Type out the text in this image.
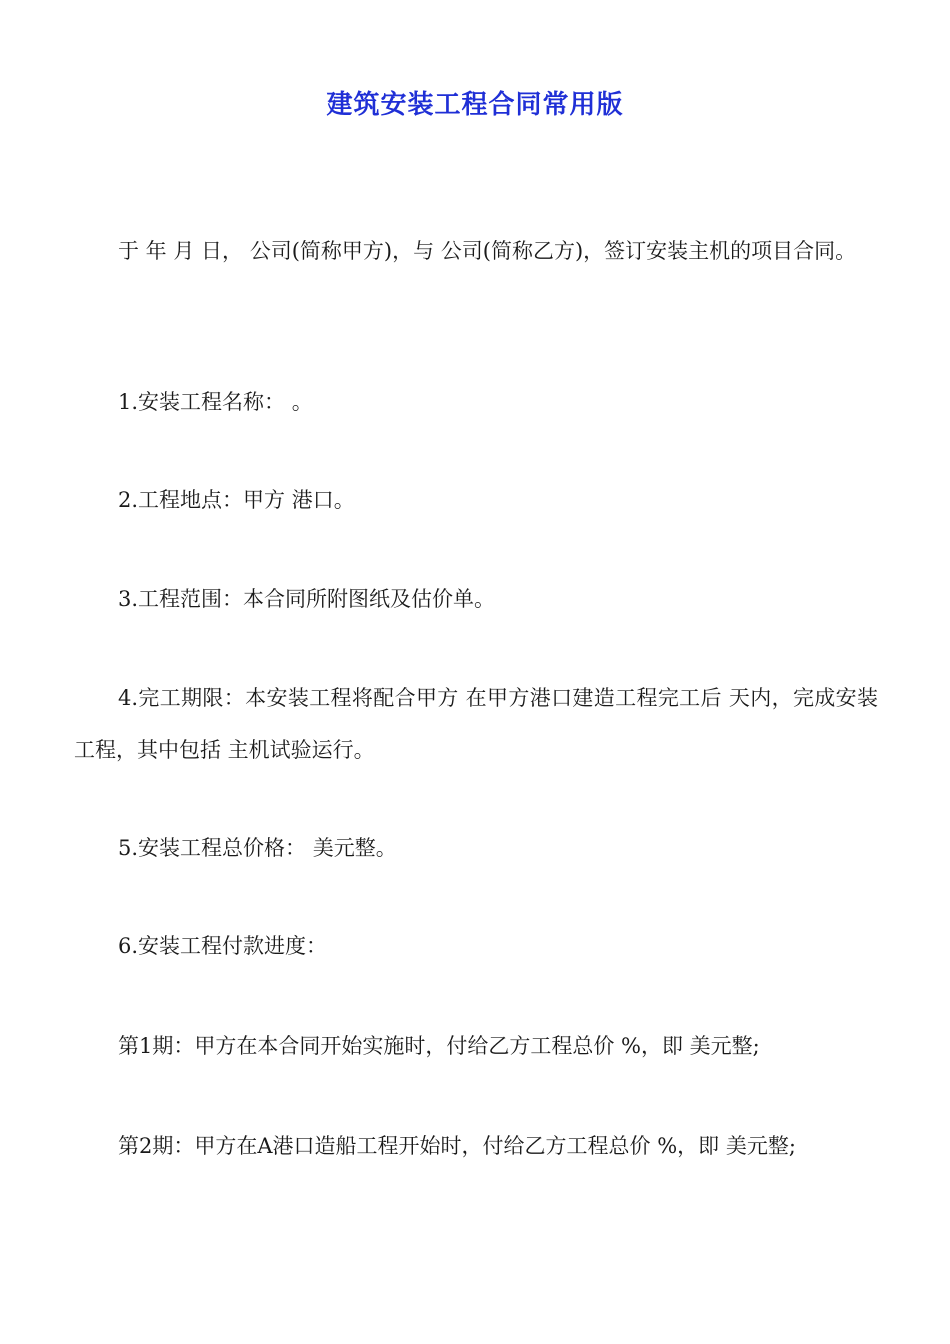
建筑安装工程合同常用版
于 年 月 日， 公司(简称甲方)，与 公司(简称乙方)，签订安装主机的项目合同。
1.安装工程名称： 。
2.工程地点：甲方 港口。
3.工程范围：本合同所附图纸及估价单。
4.完工期限：本安装工程将配合甲方 在甲方港口建造工程完工后 天内，完成安装工程，其中包括 主机试验运行。
5.安装工程总价格： 美元整。
6.安装工程付款进度：
第1期：甲方在本合同开始实施时，付给乙方工程总价 %，即 美元整;
第2期：甲方在A港口造船工程开始时，付给乙方工程总价 %，即 美元整;
